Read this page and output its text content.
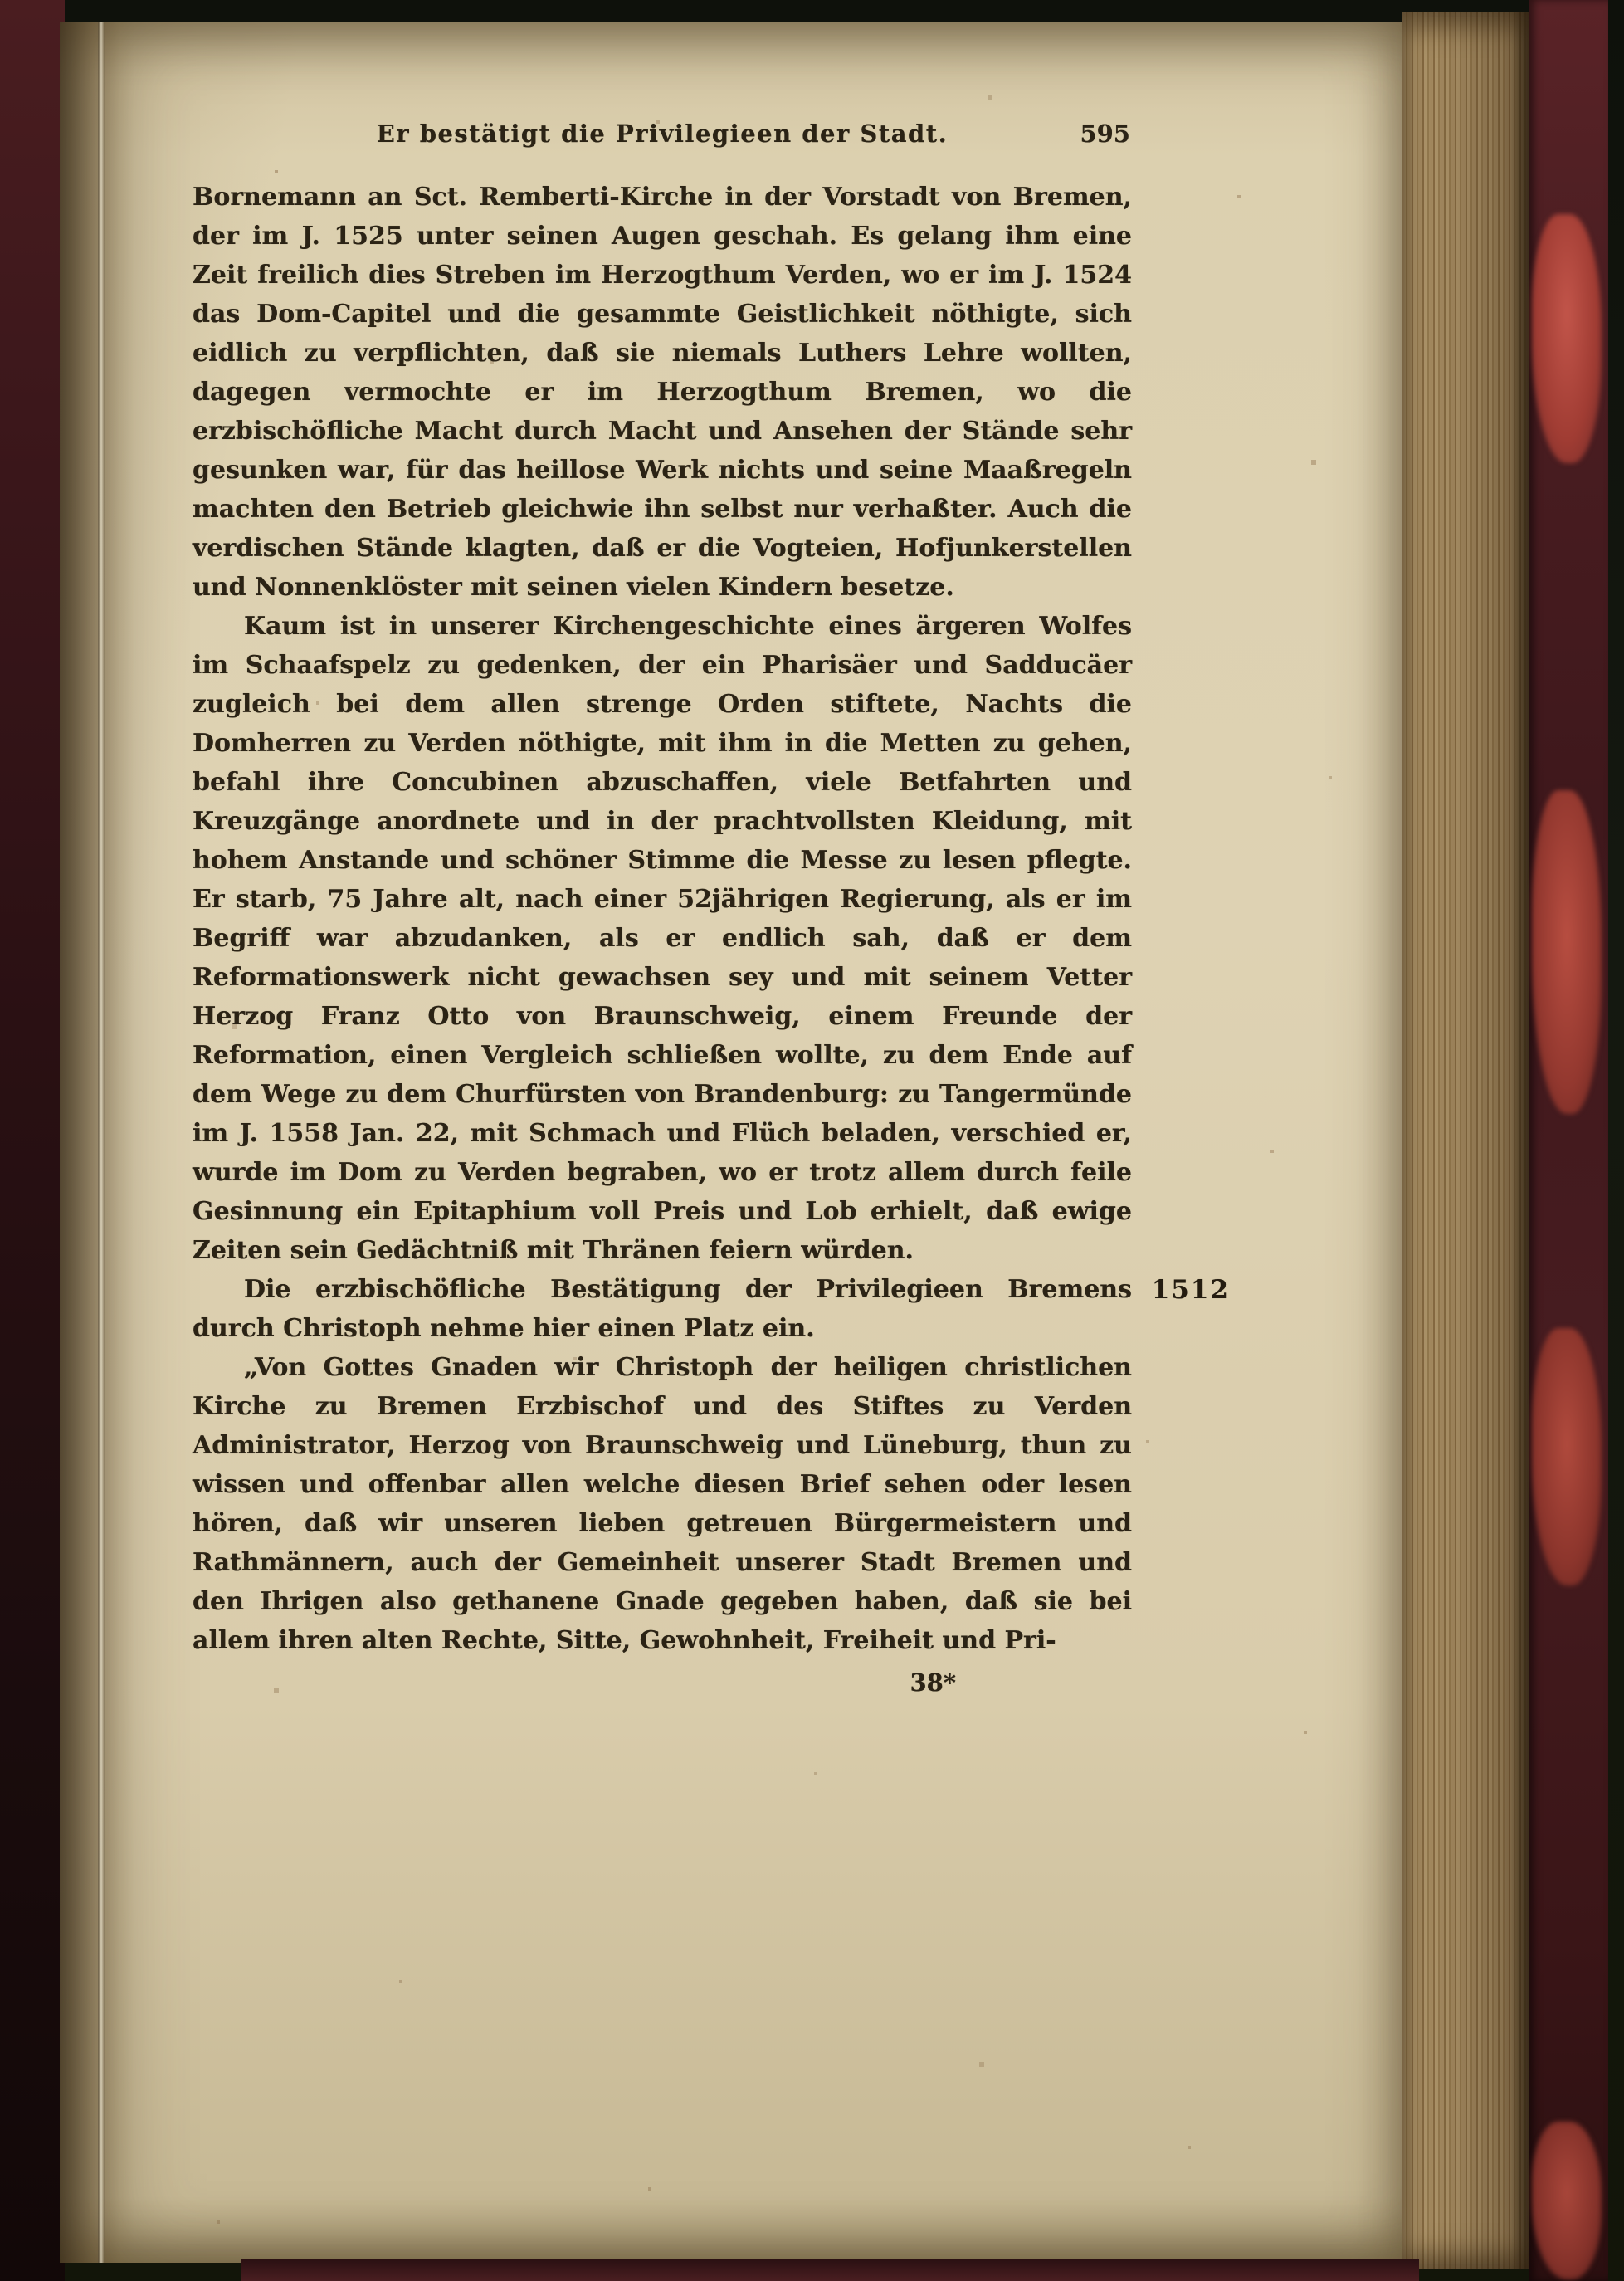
Er bestätigt die Privilegieen der Stadt.	595

Bornemann an Sct. Remberti-Kirche in der Vorstadt von Bremen, der im J. 1525 unter seinen Augen geschah. Es gelang ihm eine Zeit freilich dies Streben im Herzogthum Verden, wo er im J. 1524 das Dom-Capitel und die gesammte Geistlichkeit nöthigte, sich eidlich zu verpflichten, daß sie niemals Luthers Lehre wollten, dagegen vermochte er im Herzogthum Bremen, wo die erzbischöfliche Macht durch Macht und Ansehen der Stände sehr gesunken war, für das heillose Werk nichts und seine Maaßregeln machten den Betrieb gleichwie ihn selbst nur verhaßter. Auch die verdischen Stände klagten, daß er die Vogteien, Hofjunkerstellen und Nonnenklöster mit seinen vielen Kindern besetze.

Kaum ist in unserer Kirchengeschichte eines ärgeren Wolfes im Schaafspelz zu gedenken, der ein Pharisäer und Sadducäer zugleich bei dem allen strenge Orden stiftete, Nachts die Domherren zu Verden nöthigte, mit ihm in die Metten zu gehen, befahl ihre Concubinen abzuschaffen, viele Betfahrten und Kreuzgänge anordnete und in der prachtvollsten Kleidung, mit hohem Anstande und schöner Stimme die Messe zu lesen pflegte. Er starb, 75 Jahre alt, nach einer 52jährigen Regierung, als er im Begriff war abzudanken, als er endlich sah, daß er dem Reformationswerk nicht gewachsen sey und mit seinem Vetter Herzog Franz Otto von Braunschweig, einem Freunde der Reformation, einen Vergleich schließen wollte, zu dem Ende auf dem Wege zu dem Churfürsten von Brandenburg: zu Tangermünde im J. 1558 Jan. 22, mit Schmach und Flüch beladen, verschied er, wurde im Dom zu Verden begraben, wo er trotz allem durch feile Gesinnung ein Epitaphium voll Preis und Lob erhielt, daß ewige Zeiten sein Gedächtniß mit Thränen feiern würden.

1512

Die erzbischöfliche Bestätigung der Privilegieen Bremens durch Christoph nehme hier einen Platz ein.

„Von Gottes Gnaden wir Christoph der heiligen christlichen Kirche zu Bremen Erzbischof und des Stiftes zu Verden Administrator, Herzog von Braunschweig und Lüneburg, thun zu wissen und offenbar allen welche diesen Brief sehen oder lesen hören, daß wir unseren lieben getreuen Bürgermeistern und Rathmännern, auch der Gemeinheit unserer Stadt Bremen und den Ihrigen also gethanene Gnade gegeben haben, daß sie bei allem ihren alten Rechte, Sitte, Gewohnheit, Freiheit und Pri-

38*
